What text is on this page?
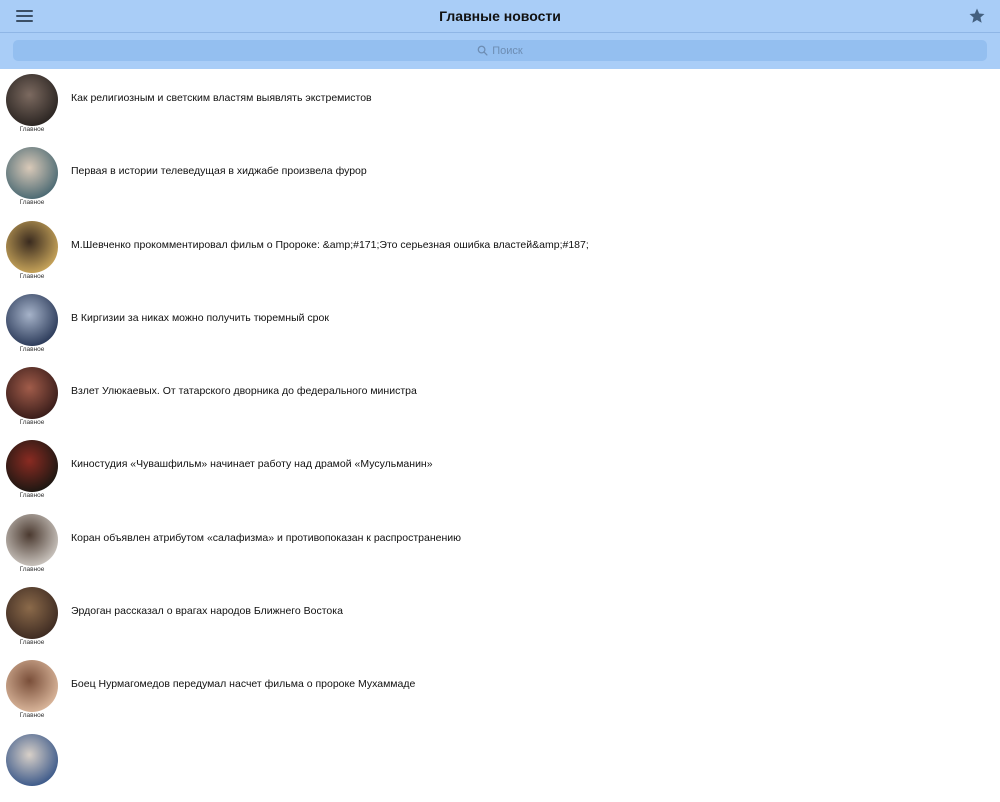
Главные новости
Поиск
Главное
Как религиозным и светским властям выявлять экстремистов
Главное
Первая в истории телеведущая в хиджабе произвела фурор
Главное
М.Шевченко прокомментировал фильм о Пророке: &amp;#171;Это серьезная ошибка властей&amp;#187;
Главное
В Киргизии за никах можно получить тюремный срок
Главное
Взлет Улюкаевых. От татарского дворника до федерального министра
Главное
Киностудия «Чувашфильм» начинает работу над драмой «Мусульманин»
Главное
Коран объявлен атрибутом «салафизма» и противопоказан к распространению
Главное
Эрдоган рассказал о врагах народов Ближнего Востока
Главное
Боец Нурмагомедов передумал насчет фильма о пророке Мухаммаде
